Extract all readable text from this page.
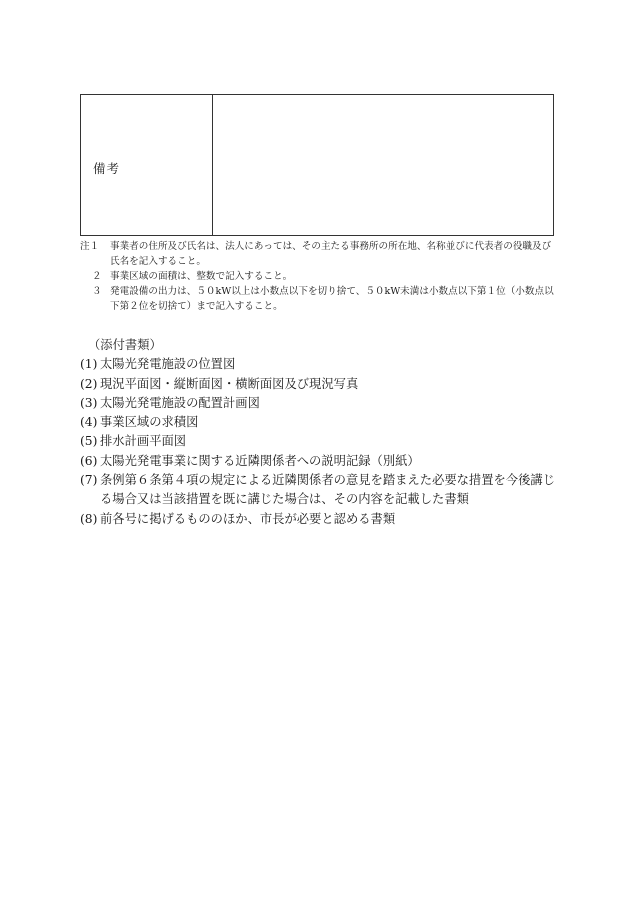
備考
注１	事業者の住所及び氏名は、法人にあっては、その主たる事務所の所在地、名称並びに代表者の役職及び氏名を記入すること。
２ 事業区域の面積は、整数で記入すること。
３ 発電設備の出力は、５０kW以上は小数点以下を切り捨て、５０kW未満は小数点以下第１位（小数点以下第２位を切捨て）まで記入すること。
（添付書類）
(1) 太陽光発電施設の位置図
(2) 現況平面図・縦断面図・横断面図及び現況写真
(3) 太陽光発電施設の配置計画図
(4) 事業区域の求積図
(5) 排水計画平面図
(6) 太陽光発電事業に関する近隣関係者への説明記録（別紙）
(7) 条例第６条第４項の規定による近隣関係者の意見を踏まえた必要な措置を今後講じる場合又は当該措置を既に講じた場合は、その内容を記載した書類
(8) 前各号に掲げるもののほか、市長が必要と認める書類
